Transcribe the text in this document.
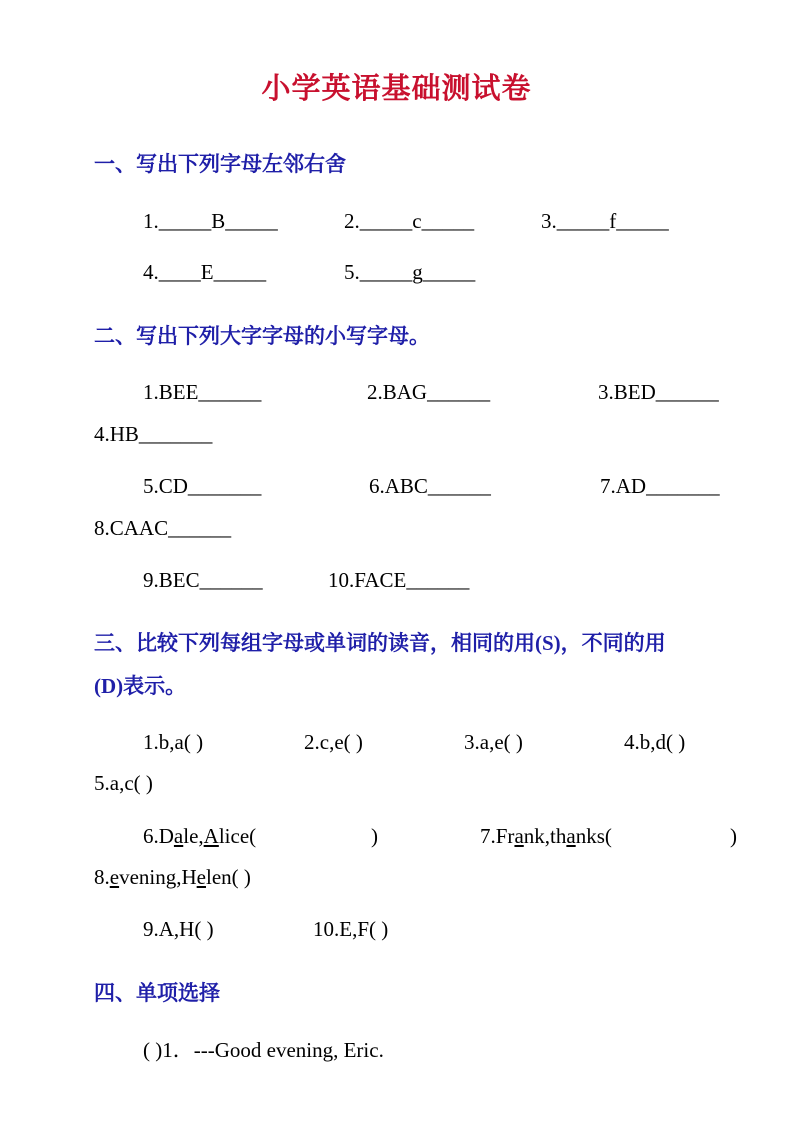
小学英语基础测试卷
一、写出下列字母左邻右舍
1._____B_____	2._____c_____	3._____f_____
4.____E_____	5._____g_____
二、写出下列大字字母的小写字母。
1.BEE______	2.BAG______	3.BED______
4.HB_______
5.CD_______	6.ABC______	7.AD_______
8.CAAC______
9.BEC______	10.FACE______
三、比较下列每组字母或单词的读音，相同的用(S)，不同的用
(D)表示。
1.b,a( )	2.c,e( )	3.a,e( )	4.b,d( )
5.a,c( )
6.Dale,Alice(	)	7.Frank,thanks(	)
8.evening,Helen( )
9.A,H( )	10.E,F( )
四、单项选择
( )1．---Good evening, Eric.
